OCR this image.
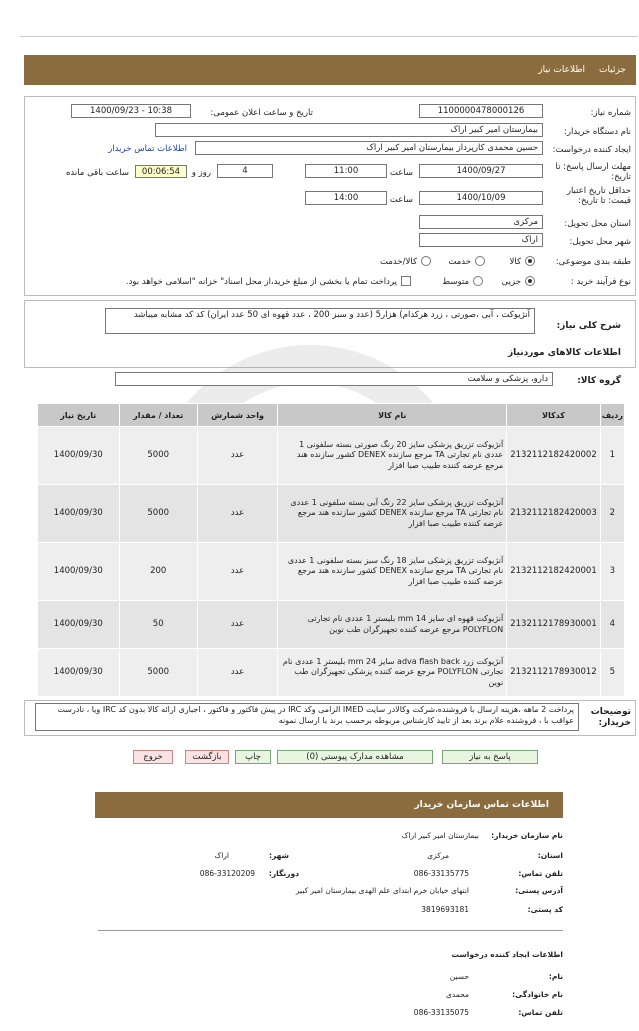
جزئیات
اطلاعات نیاز
شماره نیاز:
1100000478000126
تاریخ و ساعت اعلان عمومی:
1400/09/23 - 10:38
نام دستگاه خریدار:
بیمارستان امیر کبیر اراک
ایجاد کننده درخواست:
حسین محمدی کارپرداز بیمارستان امیر کبیر اراک
اطلاعات تماس خریدار
مهلت ارسال پاسخ: تا تاریخ:
1400/09/27
ساعت
11:00
4
روز و
00:06:54
ساعت باقی مانده
حداقل تاریخ اعتبار قیمت: تا تاریخ:
1400/10/09
ساعت
14:00
استان محل تحویل:
مرکزی
شهر محل تحویل:
اراک
طبقه بندی موضوعی:
کالا
خدمت
کالا/خدمت
نوع فرآیند خرید :
جزیی
متوسط
پرداخت تمام یا بخشی از مبلغ خرید،از محل اسناد" خزانه "اسلامی خواهد بود.
شرح کلی نیاز:
آنژیوکت ، آبی ،صورتی ، زرد هرکدام) هزار5 (عدد و سبز 200 ، عدد قهوه ای 50 عدد ایران) کد کد مشابه میباشد
اطلاعات کالاهای موردنیاز
گروه کالا:
دارو، پزشکی و سلامت
ردیف	کدکالا	نام کالا	واحد شمارش	تعداد / مقدار	تاریخ نیاز
1	2132112182420002	آنژیوکت تزریق پزشکی سایز 20 رنگ صورتی بسته سلفونی 1 عددی نام تجارتی TA مرجع سازنده DENEX کشور سازنده هند مرجع عرضه کننده طبیب صبا افزار	عدد	5000	1400/09/30
2	2132112182420003	آنژیوکت تزریق پزشکی سایز 22 رنگ آبی بسته سلفونی 1 عددی نام تجارتی TA مرجع سازنده DENEX کشور سازنده هند مرجع عرضه کننده طبیب صبا افزار	عدد	5000	1400/09/30
3	2132112182420001	آنژیوکت تزریق پزشکی سایز 18 رنگ سبز بسته سلفونی 1 عددی نام تجارتی TA مرجع سازنده DENEX کشور سازنده هند مرجع عرضه کننده طبیب صبا افزار	عدد	200	1400/09/30
4	2132112178930001	آنژیوکت قهوه ای سایز 14 mm بلیستر 1 عددی نام تجارتی POLYFLON مرجع عرضه کننده تجهیزگران طب نوین	عدد	50	1400/09/30
5	2132112178930012	آنژیوکت زرد adva flash back سایز 24 mm بلیستر 1 عددی نام تجارتی POLYFLON مرجع عرضه کننده پزشکی تجهیزگران طب نوین	عدد	5000	1400/09/30
توضیحات خریدار:
پرداخت 2 ماهه ،هزینه ارسال با فروشنده،شرکت وکالادر سایت IMED الزامی وکد IRC در پیش فاکتور و فاکتور ، اجباری ارائه کالا بدون کد IRC ویا ، نادرست عواقب با ، فروشنده علام برند بعد از تایید کارشناس مربوطه برحسب برند یا ارسال نمونه
پاسخ به نیاز
مشاهده مدارک پیوستی (0)
چاپ
بازگشت
خروج
اطلاعات تماس سازمان خریدار
نام سازمان خریدار:
بیمارستان امیر کبیر اراک
استان:
مرکزی
شهر:
اراک
تلفن تماس:
086-33135775
دورنگار:
086-33120209
آدرس پستی:
انتهای خیابان خرم ابتدای علم الهدی بیمارستان امیر کبیر
کد پستی:
3819693181
اطلاعات ایجاد کننده درخواست
نام:
حسین
نام خانوادگی:
محمدی
تلفن تماس:
086-33135075
